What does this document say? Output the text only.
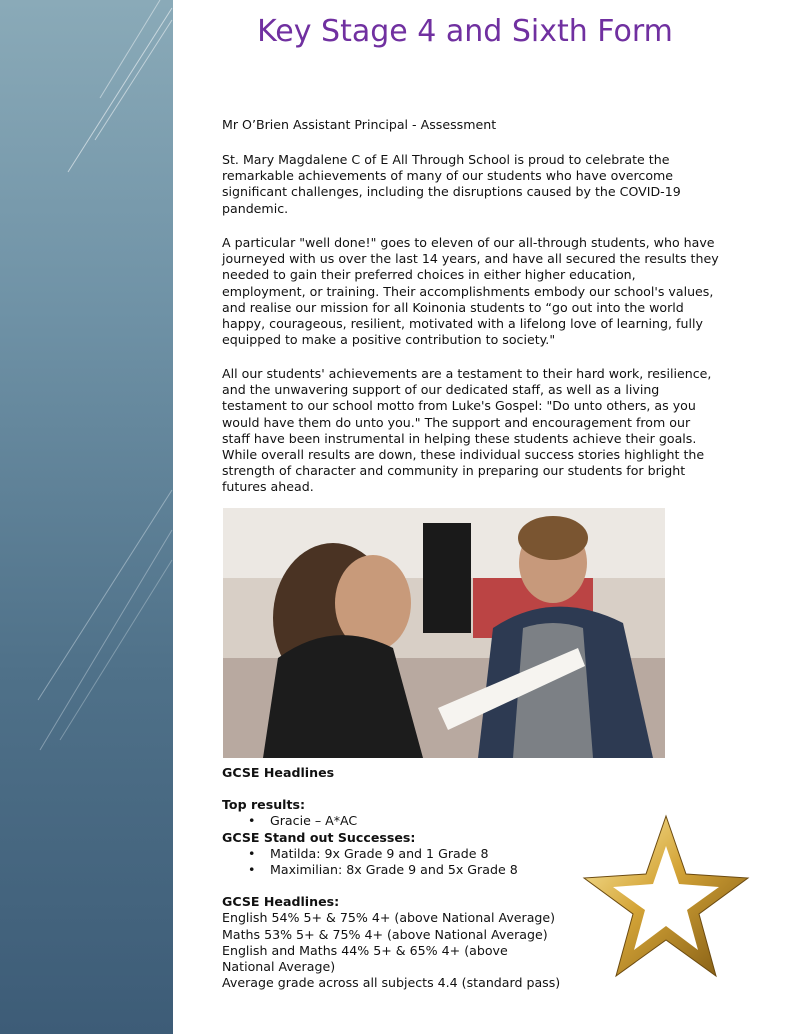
Key Stage 4 and Sixth Form
Mr O’Brien Assistant Principal - Assessment

St. Mary Magdalene C of E All Through School is proud to celebrate the remarkable achievements of many of our students who have overcome significant challenges, including the disruptions caused by the COVID-19 pandemic.

A particular "well done!" goes to eleven of our all-through students, who have journeyed with us over the last 14 years, and have all secured the results they needed to gain their preferred choices in either higher education, employment, or training. Their accomplishments embody our school's values, and realise our mission for all Koinonia students to “go out into the world happy, courageous, resilient, motivated with a lifelong love of learning, fully equipped to make a positive contribution to society."

All our students' achievements are a testament to their hard work, resilience, and the unwavering support of our dedicated staff, as well as a living testament to our school motto from Luke's Gospel: "Do unto others, as you would have them do unto you." The support and encouragement from our staff have been instrumental in helping these students achieve their goals. While overall results are down, these individual success stories highlight the strength of character and community in preparing our students for bright futures ahead.

GCSE Headlines
Top results:
• Gracie – A*AC
GCSE Stand out Successes:
• Matilda: 9x Grade 9 and 1 Grade 8
• Maximilian: 8x Grade 9 and 5x Grade 8
GCSE Headlines:
English 54% 5+ & 75% 4+ (above National Average)
Maths 53% 5+ & 75% 4+ (above National Average)
English and Maths 44% 5+ & 65% 4+ (above National Average)
Average grade across all subjects 4.4 (standard pass)
